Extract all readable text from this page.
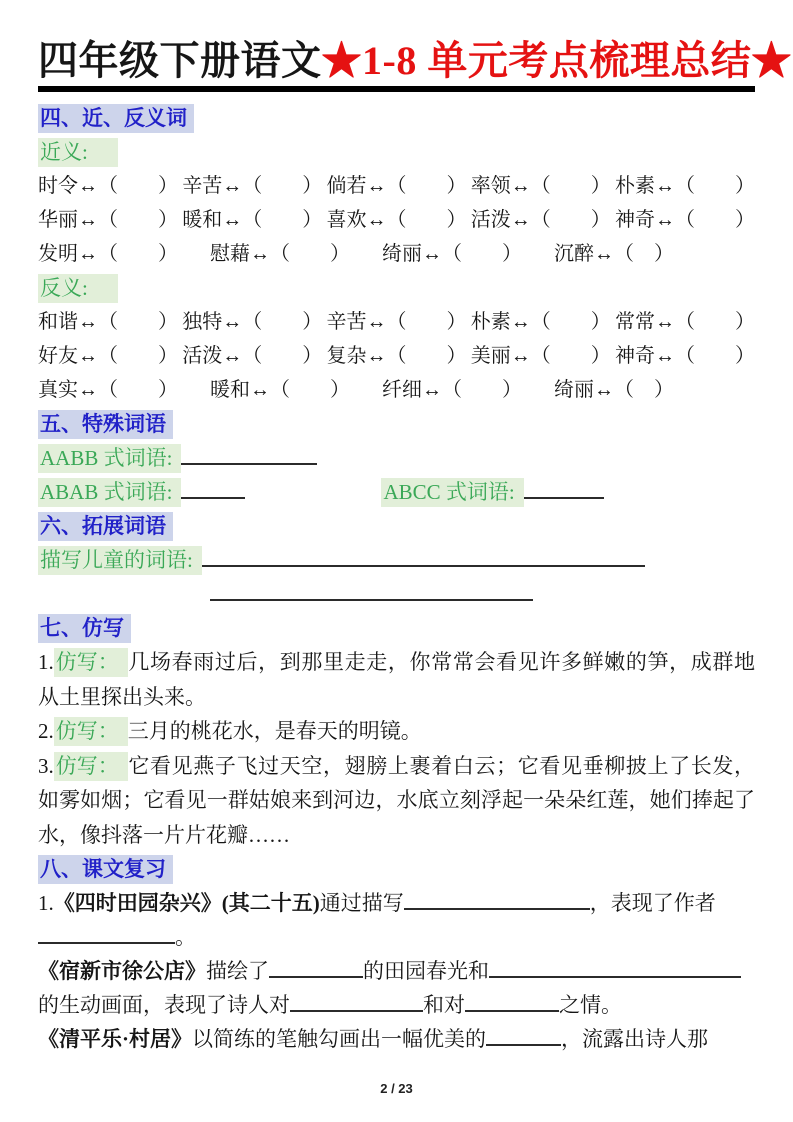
四年级下册语文★1-8 单元考点梳理总结★
四、近、反义词
近义:
时令↔（　　） 辛苦↔（　　） 倘若↔（　　） 率领↔（　　） 朴素↔（　　）
华丽↔（　　） 暖和↔（　　） 喜欢↔（　　） 活泼↔（　　） 神奇↔（　　）
发明↔（　　） 慰藉↔（　　） 绮丽↔（　　） 沉醉↔（　）
反义:
和谐↔（　　） 独特↔（　　） 辛苦↔（　　） 朴素↔（　　） 常常↔（　　）
好友↔（　　） 活泼↔（　　） 复杂↔（　　） 美丽↔（　　） 神奇↔（　　）
真实↔（　　） 暖和↔（　　） 纤细↔（　　） 绮丽↔（　）
五、特殊词语
AABB 式词语:
ABAB 式词语:	ABCC 式词语:
六、拓展词语
描写儿童的词语:
七、仿写
1.仿写： 几场春雨过后，到那里走走，你常常会看见许多鲜嫩的笋，成群地从土里探出头来。
2.仿写： 三月的桃花水，是春天的明镜。
3.仿写： 它看见燕子飞过天空，翅膀上裹着白云；它看见垂柳披上了长发，如雾如烟；它看见一群姑娘来到河边，水底立刻浮起一朵朵红莲，她们捧起了水，像抖落一片片花瓣……
八、课文复习
1.《四时田园杂兴》(其二十五)通过描写	，表现了作者
。
《宿新市徐公店》描绘了	的田园春光和
的生动画面，表现了诗人对	和对	之情。
《清平乐·村居》以简练的笔触勾画出一幅优美的	，流露出诗人那
2 / 23
